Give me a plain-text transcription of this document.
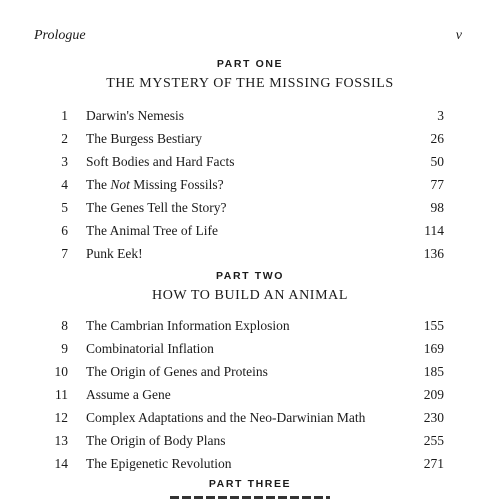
Prologue	v
PART ONE
THE MYSTERY OF THE MISSING FOSSILS
1 Darwin's Nemesis	3
2 The Burgess Bestiary	26
3 Soft Bodies and Hard Facts	50
4 The Not Missing Fossils?	77
5 The Genes Tell the Story?	98
6 The Animal Tree of Life	114
7 Punk Eek!	136
PART TWO
HOW TO BUILD AN ANIMAL
8 The Cambrian Information Explosion	155
9 Combinatorial Inflation	169
10 The Origin of Genes and Proteins	185
11 Assume a Gene	209
12 Complex Adaptations and the Neo-Darwinian Math	230
13 The Origin of Body Plans	255
14 The Epigenetic Revolution	271
PART THREE
